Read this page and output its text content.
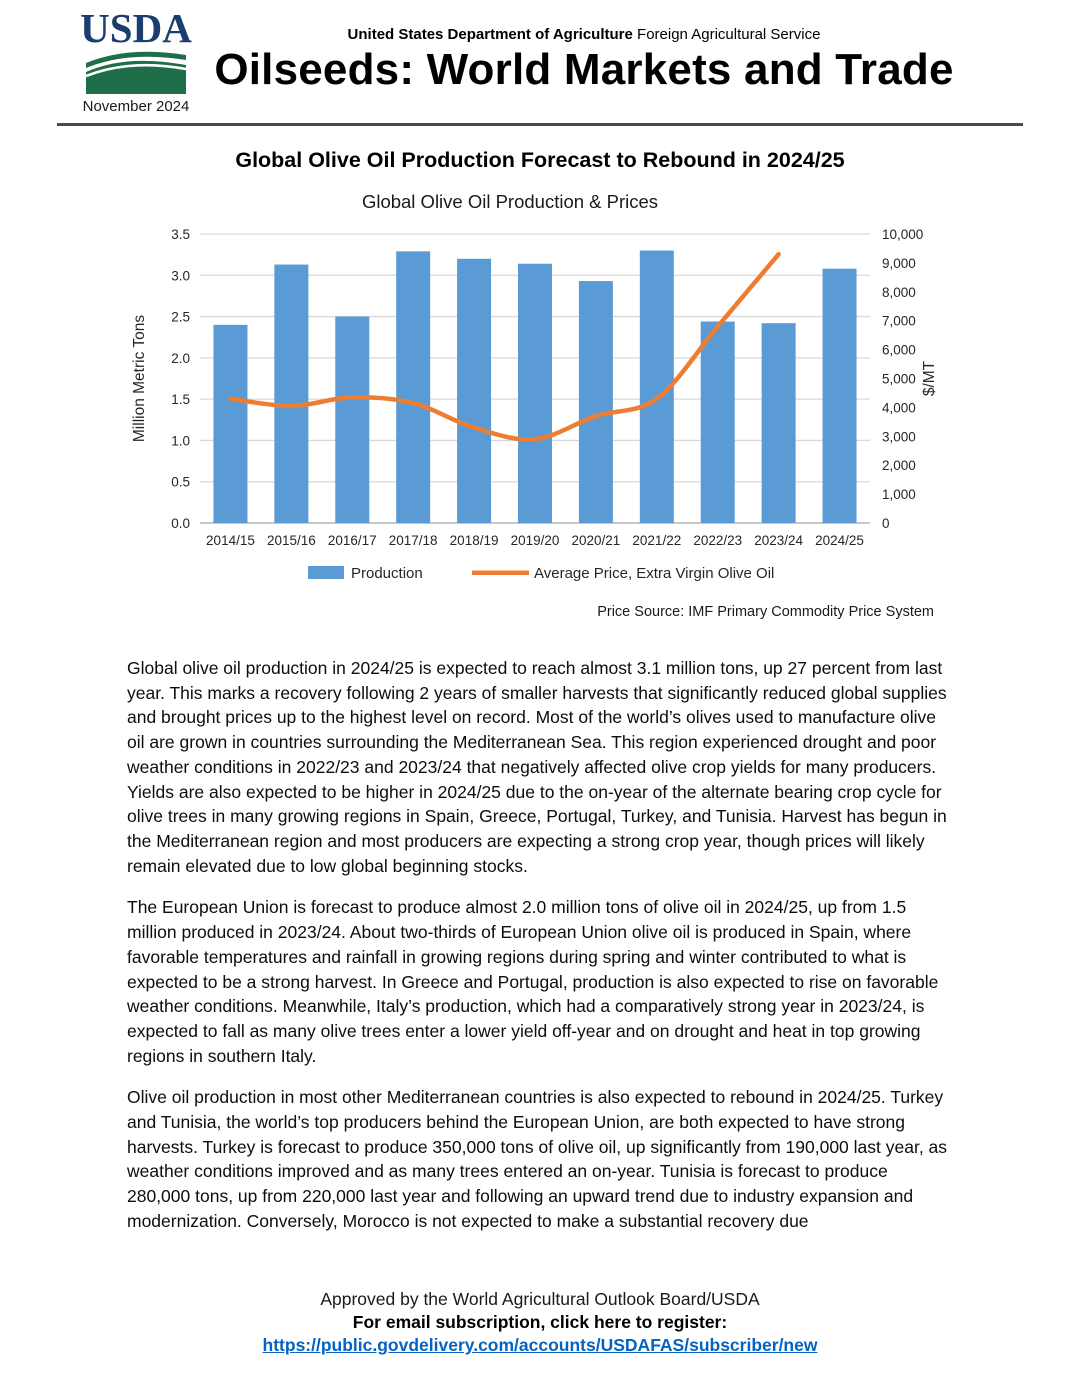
USDA
November 2024
United States Department of Agriculture Foreign Agricultural Service
Oilseeds: World Markets and Trade
Global Olive Oil Production Forecast to Rebound in 2024/25
Global Olive Oil Production & Prices
0.0
0.5
1.0
1.5
2.0
2.5
3.0
3.5
0
1,000
2,000
3,000
4,000
5,000
6,000
7,000
8,000
9,000
10,000
2014/15 2015/16 2016/17 2017/18 2018/19 2019/20 2020/21 2021/22 2022/23 2023/24 2024/25
Million Metric Tons	$/MT
Production	Average Price, Extra Virgin Olive Oil
Price Source: IMF Primary Commodity Price System

Global olive oil production in 2024/25 is expected to reach almost 3.1 million tons, up 27 percent from last year. This marks a recovery following 2 years of smaller harvests that significantly reduced global supplies and brought prices up to the highest level on record. Most of the world’s olives used to manufacture olive oil are grown in countries surrounding the Mediterranean Sea. This region experienced drought and poor weather conditions in 2022/23 and 2023/24 that negatively affected olive crop yields for many producers. Yields are also expected to be higher in 2024/25 due to the on-year of the alternate bearing crop cycle for olive trees in many growing regions in Spain, Greece, Portugal, Turkey, and Tunisia. Harvest has begun in the Mediterranean region and most producers are expecting a strong crop year, though prices will likely remain elevated due to low global beginning stocks.

The European Union is forecast to produce almost 2.0 million tons of olive oil in 2024/25, up from 1.5 million produced in 2023/24. About two-thirds of European Union olive oil is produced in Spain, where favorable temperatures and rainfall in growing regions during spring and winter contributed to what is expected to be a strong harvest. In Greece and Portugal, production is also expected to rise on favorable weather conditions. Meanwhile, Italy’s production, which had a comparatively strong year in 2023/24, is expected to fall as many olive trees enter a lower yield off-year and on drought and heat in top growing regions in southern Italy.

Olive oil production in most other Mediterranean countries is also expected to rebound in 2024/25. Turkey and Tunisia, the world’s top producers behind the European Union, are both expected to have strong harvests. Turkey is forecast to produce 350,000 tons of olive oil, up significantly from 190,000 last year, as weather conditions improved and as many trees entered an on-year. Tunisia is forecast to produce 280,000 tons, up from 220,000 last year and following an upward trend due to industry expansion and modernization. Conversely, Morocco is not expected to make a substantial recovery due

Approved by the World Agricultural Outlook Board/USDA
For email subscription, click here to register:
https://public.govdelivery.com/accounts/USDAFAS/subscriber/new
